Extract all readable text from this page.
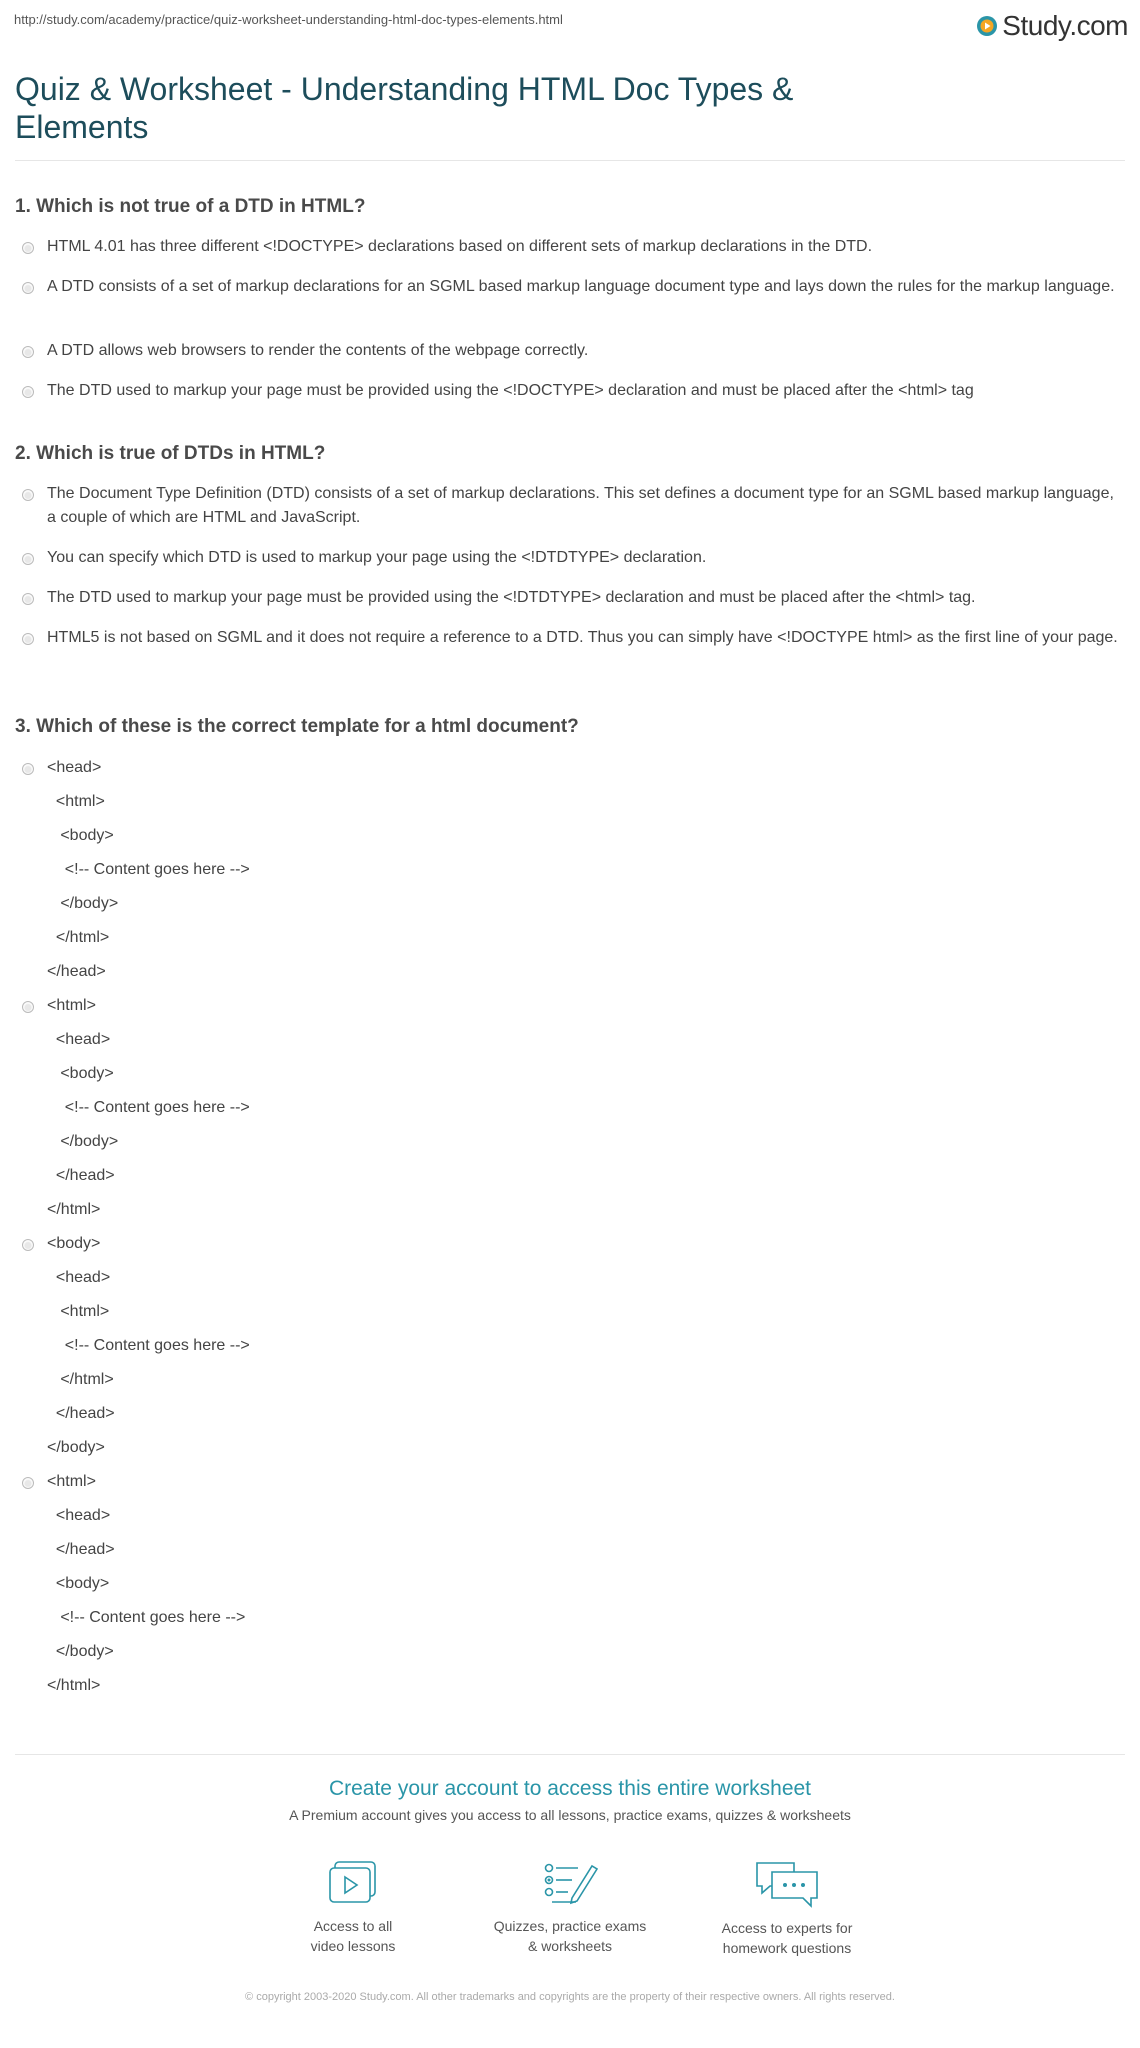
http://study.com/academy/practice/quiz-worksheet-understanding-html-doc-types-elements.html	Study.com
Quiz & Worksheet - Understanding HTML Doc Types & Elements
1. Which is not true of a DTD in HTML?

HTML 4.01 has three different <!DOCTYPE> declarations based on different sets of markup declarations in the DTD.

A DTD consists of a set of markup declarations for an SGML based markup language document type and lays down the rules for the markup language.

A DTD allows web browsers to render the contents of the webpage correctly.

The DTD used to markup your page must be provided using the <!DOCTYPE> declaration and must be placed after the <html> tag

2. Which is true of DTDs in HTML?

The Document Type Definition (DTD) consists of a set of markup declarations. This set defines a document type for an SGML based markup language, a couple of which are HTML and JavaScript.

You can specify which DTD is used to markup your page using the <!DTDTYPE> declaration.

The DTD used to markup your page must be provided using the <!DTDTYPE> declaration and must be placed after the <html> tag.

HTML5 is not based on SGML and it does not require a reference to a DTD. Thus you can simply have <!DOCTYPE html> as the first line of your page.

3. Which of these is the correct template for a html document?
<head>
<html>
<body>
<!-- Content goes here -->
</body>
</html>
</head>
<html>
<head>
<body>
<!-- Content goes here -->
</body>
</head>
</html>
<body>
<head>
<html>
<!-- Content goes here -->
</html>
</head>
</body>
<html>
<head>
</head>
<body>
<!-- Content goes here -->
</body>
</html>
Create your account to access this entire worksheet
A Premium account gives you access to all lessons, practice exams, quizzes & worksheets
Access to all
video lessons
Quizzes, practice exams
& worksheets
Access to experts for
homework questions
© copyright 2003-2020 Study.com. All other trademarks and copyrights are the property of their respective owners. All rights reserved.
